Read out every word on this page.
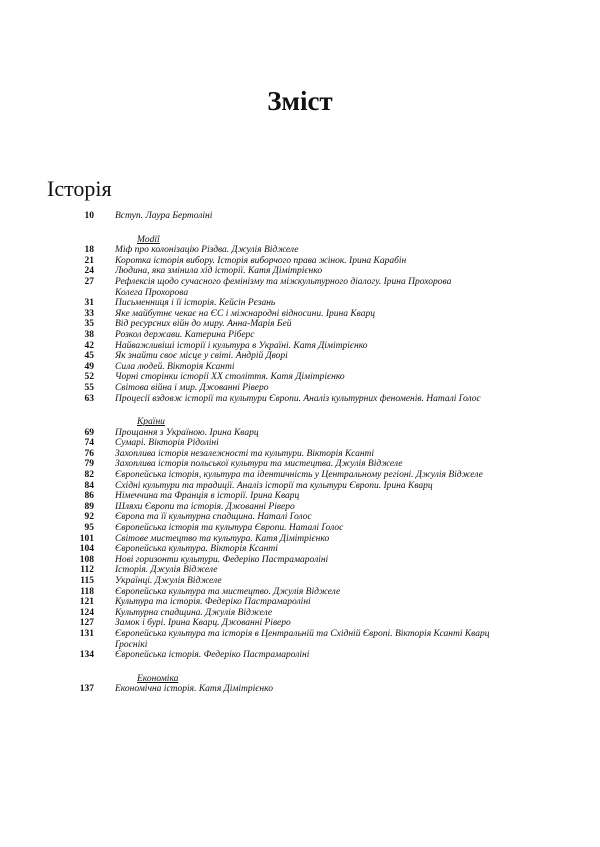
Зміст
Історія
10 Вступ. Лаура Бертоліні
Modiî
18 Міф про колонізацію Різдва. Джулія Віджеле
21 Коротка історія вибору. Історія виборчого права жінок. Ірина Карабін
24 Людина, яка змінила хід історії. Катя Дімітрієнко
27 Рефлексія щодо сучасного фемінізму та міжкультурного діалогу. Ірина Прохорова
Колега Прохорова
31 Письменниця і її історія. Кейсін Рєзань
33 Яке майбутнє чекає на ЄС і міжнародні відносини. Ірина Кварц
35 Від ресурсних війн до миру. Анна-Марія Бей
38 Розкол держави. Катерина Ріберс
42 Найважливіші історії і культура в Україні. Катя Дімітрієнко
45 Як знайти своє місце у світі. Андрій Дворі
49 Сила людей. Вікторія Ксанті
52 Чорні сторінки історії XX століття. Катя Дімітрієнко
55 Світова війна і мир. Джованні Ріверо
63 Процесії вздовж історії та культури Європи. Аналіз культурних феноменів. Наталі Ґолос
Країни
69 Прощання з Україною. Ірина Кварц
74 Сумарі. Вікторія Рідоліні
76 Захоплива історія незалежності та культури. Вікторія Ксанті
79 Захоплива історія польської культури та мистецтва. Джулія Віджеле
82 Європейська історія, культура та ідентичність у Центральному регіоні. Джулія Віджеле
84 Східні культури та традиції. Аналіз історії та культури Європи. Ірина Кварц
86 Німеччина та Франція в історії. Ірина Кварц
89 Шляхи Європи та історія. Джованні Ріверо
92 Європа та її культурна спадщина. Наталі Ґолос
95 Європейська історія та культура Європи. Наталі Ґолос
101 Світове мистецтво та культура. Катя Дімітрієнко
104 Європейська культура. Вікторія Ксанті
108 Нові горизонти культури. Федеріко Пастрамароліні
112 Історія. Джулія Віджеле
115 Українці. Джулія Віджеле
118 Європейська культура та мистецтво. Джулія Віджеле
121 Культура та історія. Федеріко Пастрамароліні
124 Культурна спадщина. Джулія Віджеле
127 Замок і бурі. Ірина Кварц. Джованні Ріверо
131 Європейська культура та історія в Центральній та Східній Європі. Вікторія Ксанті Кварц
Ґроснікі
134 Європейська історія. Федеріко Пастрамароліні
Економіка
137 Економічна історія. Катя Дімітрієнко
